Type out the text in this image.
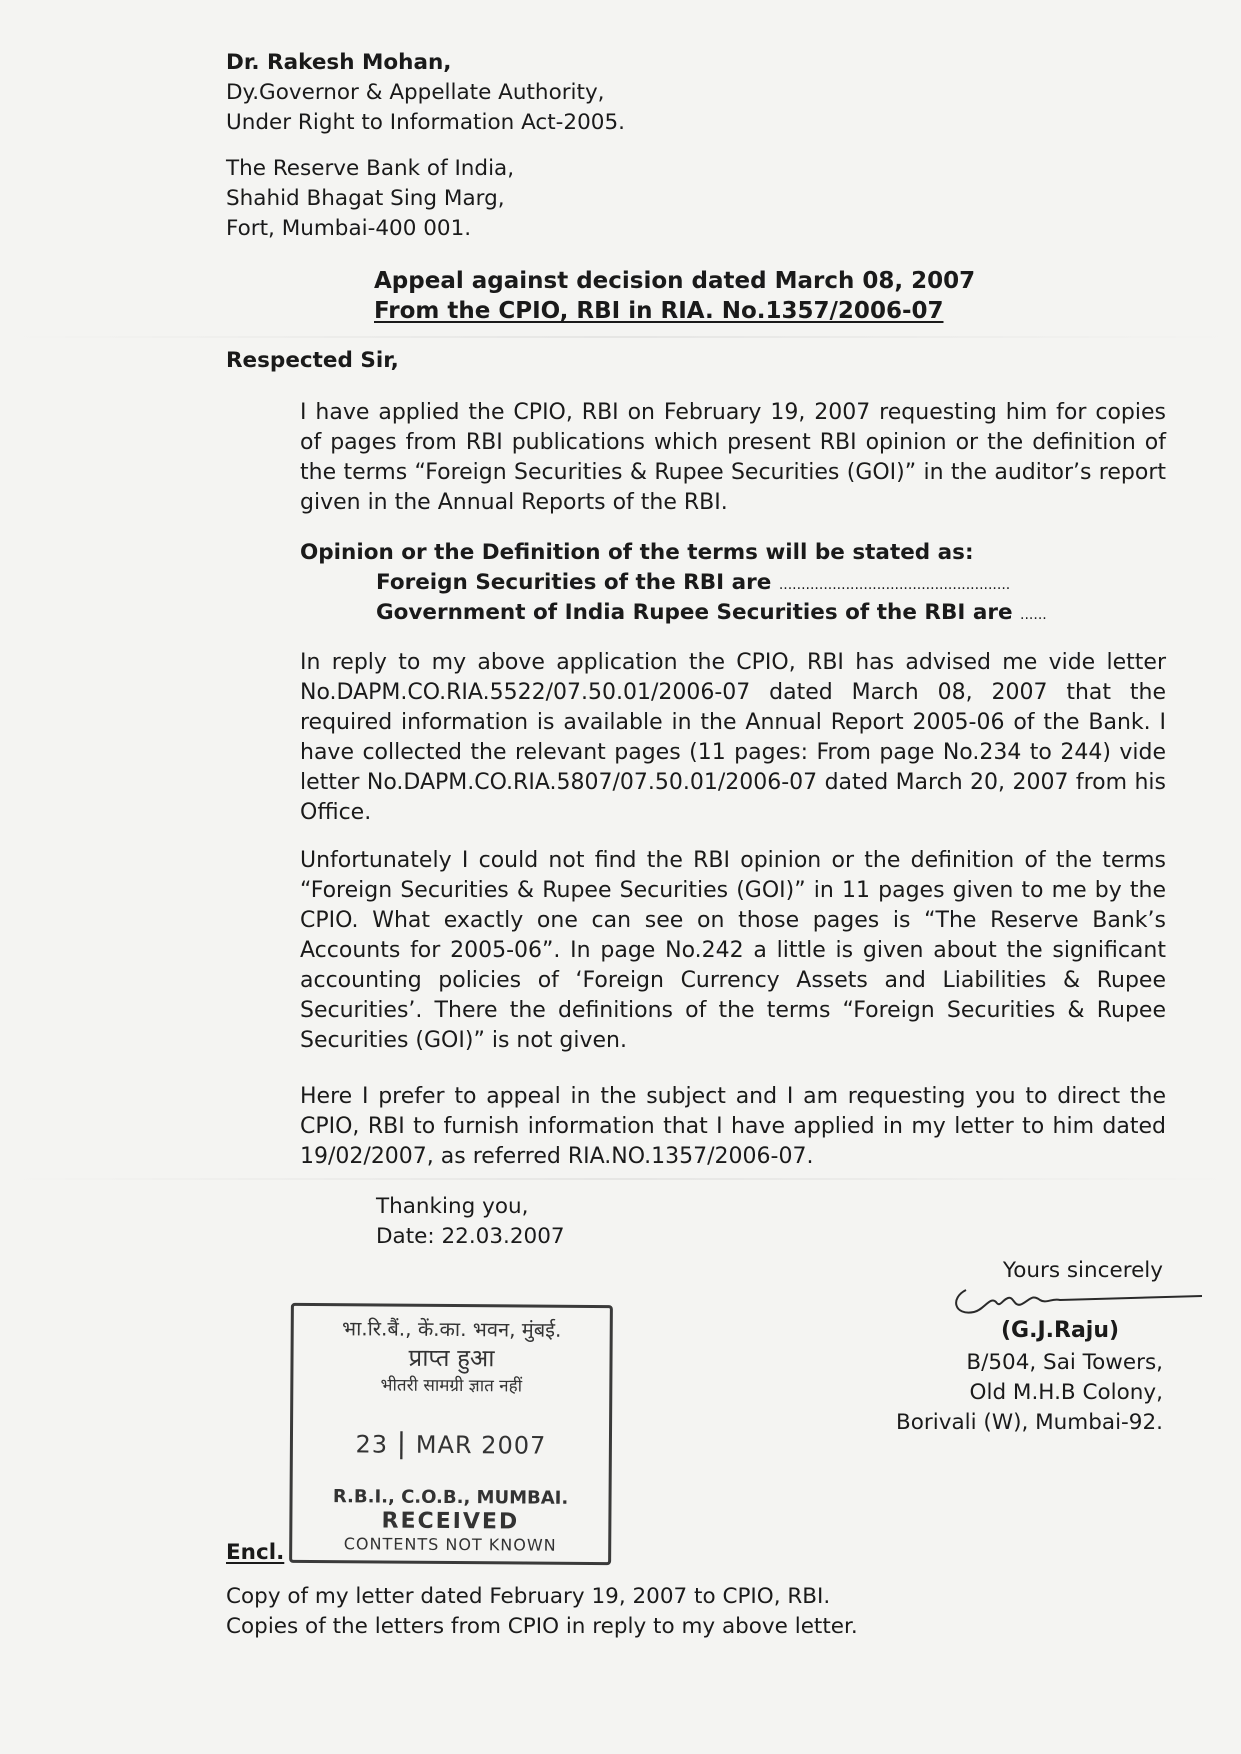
Dr. Rakesh Mohan,
Dy.Governor & Appellate Authority,
Under Right to Information Act-2005.
The Reserve Bank of India,
Shahid Bhagat Sing Marg,
Fort, Mumbai-400 001.
Appeal against decision dated March 08, 2007
From the CPIO, RBI in RIA. No.1357/2006-07
Respected Sir,
I have applied the CPIO, RBI on February 19, 2007 requesting him for copies of pages from RBI publications which present RBI opinion or the definition of the terms “Foreign Securities & Rupee Securities (GOI)” in the auditor’s report given in the Annual Reports of the RBI.
Opinion or the Definition of the terms will be stated as:
Foreign Securities of the RBI are ....................................................
Government of India Rupee Securities of the RBI are ......
In reply to my above application the CPIO, RBI has advised me vide letter No.DAPM.CO.RIA.5522/07.50.01/2006-07 dated March 08, 2007 that the required information is available in the Annual Report 2005-06 of the Bank. I have collected the relevant pages (11 pages: From page No.234 to 244) vide letter No.DAPM.CO.RIA.5807/07.50.01/2006-07 dated March 20, 2007 from his Office.
Unfortunately I could not find the RBI opinion or the definition of the terms “Foreign Securities & Rupee Securities (GOI)” in 11 pages given to me by the CPIO. What exactly one can see on those pages is “The Reserve Bank’s Accounts for 2005-06”. In page No.242 a little is given about the significant accounting policies of ‘Foreign Currency Assets and Liabilities & Rupee Securities’. There the definitions of the terms “Foreign Securities & Rupee Securities (GOI)” is not given.
Here I prefer to appeal in the subject and I am requesting you to direct the CPIO, RBI to furnish information that I have applied in my letter to him dated 19/02/2007, as referred RIA.NO.1357/2006-07.
Thanking you,
Date: 22.03.2007
Yours sincerely
(G.J.Raju)
B/504, Sai Towers,
Old M.H.B Colony,
Borivali (W), Mumbai-92.
भा.रि.बैं., कें.का. भवन, मुंबई.
प्राप्त हुआ
भीतरी सामग्री ज्ञात नहीं
23 | MAR 2007
R.B.I., C.O.B., MUMBAI.
RECEIVED
CONTENTS NOT KNOWN
Encl.
Copy of my letter dated February 19, 2007 to CPIO, RBI.
Copies of the letters from CPIO in reply to my above letter.
